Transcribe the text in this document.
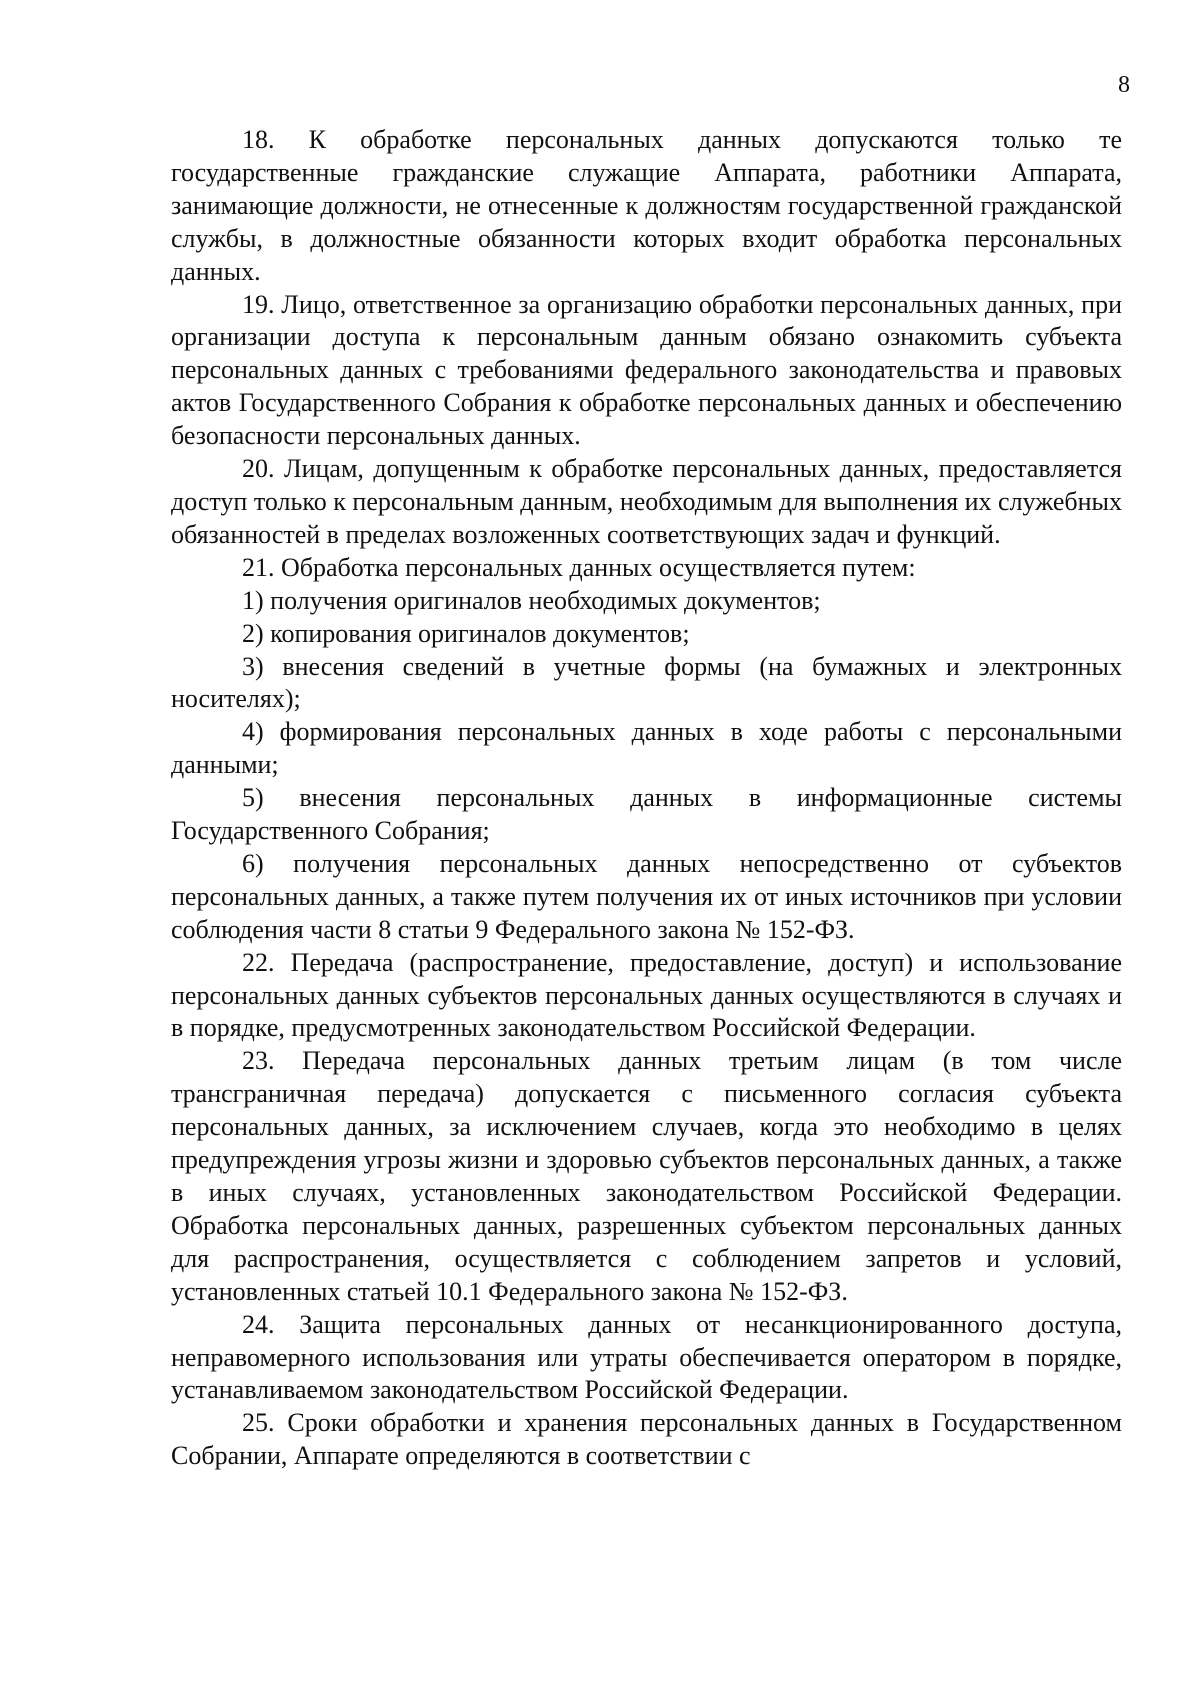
8

18. К обработке персональных данных допускаются только те государственные гражданские служащие Аппарата, работники Аппарата, занимающие должности, не отнесенные к должностям государственной гражданской службы, в должностные обязанности которых входит обработка персональных данных.

19. Лицо, ответственное за организацию обработки персональных данных, при организации доступа к персональным данным обязано ознакомить субъекта персональных данных с требованиями федерального законодательства и правовых актов Государственного Собрания к обработке персональных данных и обеспечению безопасности персональных данных.

20. Лицам, допущенным к обработке персональных данных, предоставляется доступ только к персональным данным, необходимым для выполнения их служебных обязанностей в пределах возложенных соответствующих задач и функций.

21. Обработка персональных данных осуществляется путем:

1) получения оригиналов необходимых документов;

2) копирования оригиналов документов;

3) внесения сведений в учетные формы (на бумажных и электронных носителях);

4) формирования персональных данных в ходе работы с персональными данными;

5) внесения персональных данных в информационные системы Государственного Собрания;

6) получения персональных данных непосредственно от субъектов персональных данных, а также путем получения их от иных источников при условии соблюдения части 8 статьи 9 Федерального закона № 152-ФЗ.

22. Передача (распространение, предоставление, доступ) и использование персональных данных субъектов персональных данных осуществляются в случаях и в порядке, предусмотренных законодательством Российской Федерации.

23. Передача персональных данных третьим лицам (в том числе трансграничная передача) допускается с письменного согласия субъекта персональных данных, за исключением случаев, когда это необходимо в целях предупреждения угрозы жизни и здоровью субъектов персональных данных, а также в иных случаях, установленных законодательством Российской Федерации. Обработка персональных данных, разрешенных субъектом персональных данных для распространения, осуществляется с соблюдением запретов и условий, установленных статьей 10.1 Федерального закона № 152-ФЗ.

24. Защита персональных данных от несанкционированного доступа, неправомерного использования или утраты обеспечивается оператором в порядке, устанавливаемом законодательством Российской Федерации.

25. Сроки обработки и хранения персональных данных в Государственном Собрании, Аппарате определяются в соответствии с
